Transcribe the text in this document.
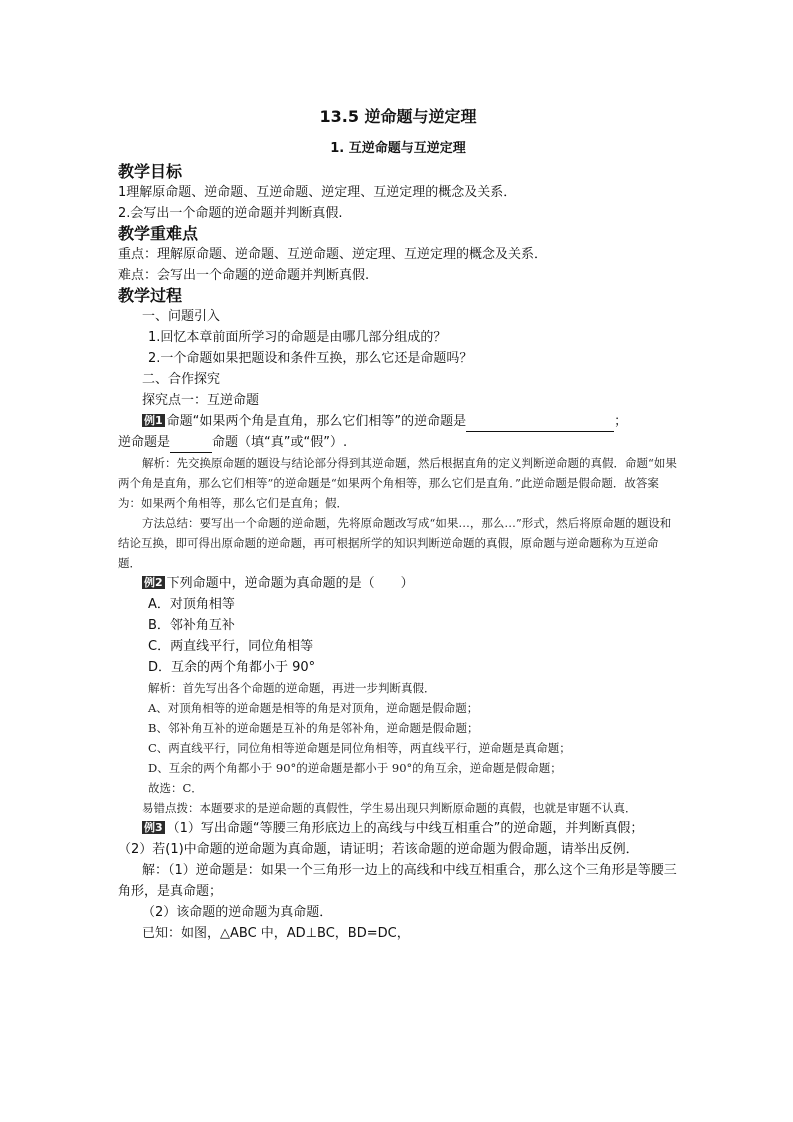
13.5 逆命题与逆定理

1. 互逆命题与互逆定理

教学目标

1理解原命题、逆命题、互逆命题、逆定理、互逆定理的概念及关系．

2.会写出一个命题的逆命题并判断真假.

教学重难点

重点：理解原命题、逆命题、互逆命题、逆定理、互逆定理的概念及关系．

难点：会写出一个命题的逆命题并判断真假.

教学过程

一、问题引入

1.回忆本章前面所学习的命题是由哪几部分组成的？

2.一个命题如果把题设和条件互换，那么它还是命题吗？

二、合作探究

探究点一：互逆命题

例1 命题“如果两个角是直角，那么它们相等”的逆命题是	；

逆命题是	命题（填“真”或“假”）.

解析：先交换原命题的题设与结论部分得到其逆命题，然后根据直角的定义判断逆命题的真假．命题“如果两个角是直角，那么它们相等”的逆命题是“如果两个角相等，那么它们是直角．”此逆命题是假命题．故答案为：如果两个角相等，那么它们是直角；假．

方法总结：要写出一个命题的逆命题，先将原命题改写成“如果…，那么…”形式，然后将原命题的题设和结论互换，即可得出原命题的逆命题，再可根据所学的知识判断逆命题的真假，原命题与逆命题称为互逆命题．

例2 下列命题中，逆命题为真命题的是（　　）

A．对顶角相等

B．邻补角互补

C．两直线平行，同位角相等

D．互余的两个角都小于 90°

解析：首先写出各个命题的逆命题，再进一步判断真假．

A、对顶角相等的逆命题是相等的角是对顶角，逆命题是假命题；

B、邻补角互补的逆命题是互补的角是邻补角，逆命题是假命题；

C、两直线平行，同位角相等逆命题是同位角相等，两直线平行，逆命题是真命题；

D、互余的两个角都小于 90°的逆命题是都小于 90°的角互余，逆命题是假命题；

故选：C．

易错点拨：本题要求的是逆命题的真假性，学生易出现只判断原命题的真假，也就是审题不认真．

例3 （1）写出命题“等腰三角形底边上的高线与中线互相重合”的逆命题，并判断真假；

（2）若(1)中命题的逆命题为真命题，请证明；若该命题的逆命题为假命题，请举出反例．

解：（1）逆命题是：如果一个三角形一边上的高线和中线互相重合，那么这个三角形是等腰三角形，是真命题；

（2）该命题的逆命题为真命题．

已知：如图，△ABC 中，AD⊥BC，BD=DC，
